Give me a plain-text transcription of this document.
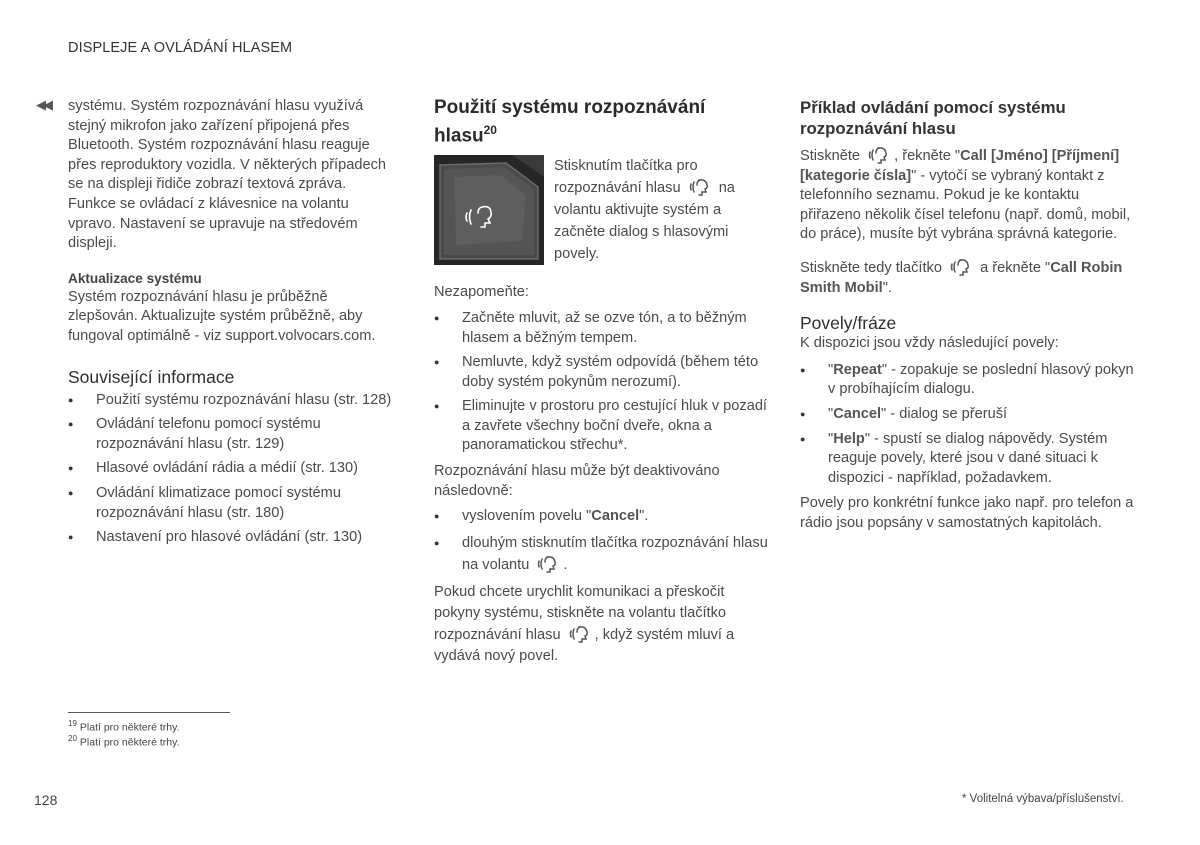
DISPLEJE A OVLÁDÁNÍ HLASEM
◀◀ systému. Systém rozpoznávání hlasu využívá stejný mikrofon jako zařízení připojená přes Bluetooth. Systém rozpoznávání hlasu reaguje přes reproduktory vozidla. V některých případech se na displeji řidiče zobrazí textová zpráva. Funkce se ovládací z klávesnice na volantu vpravo. Nastavení se upravuje na středovém displeji.

Aktualizace systému

Systém rozpoznávání hlasu je průběžně zlepšován. Aktualizujte systém průběžně, aby fungoval optimálně - viz support.volvocars.com.

Související informace
● Použití systému rozpoznávání hlasu (str. 128)
● Ovládání telefonu pomocí systému rozpoznávání hlasu (str. 129)
● Hlasové ovládání rádia a médií (str. 130)
● Ovládání klimatizace pomocí systému rozpoznávání hlasu (str. 180)
● Nastavení pro hlasové ovládání (str. 130)
Použití systému rozpoznávání hlasu$^{20}$

Stisknutím tlačítka pro rozpoznávání hlasu	na volantu aktivujte systém a začněte dialog s hlasovými povely.

Nezapomeňte:

● Začněte mluvit, až se ozve tón, a to běžným hlasem a běžným tempem.
● Nemluvte, když systém odpovídá (během této doby systém pokynům nerozumí).
● Eliminujte v prostoru pro cestující hluk v pozadí a zavřete všechny boční dveře, okna a panoramatickou střechu*.

Rozpoznávání hlasu může být deaktivováno následovně:

● vyslovením povelu "Cancel".
● dlouhým stisknutím tlačítka rozpoznávání hlasu na volantu .

Pokud chcete urychlit komunikaci a přeskočit pokyny systému, stiskněte na volantu tlačítko rozpoznávání hlasu , když systém mluví a vydává nový povel.

Příklad ovládání pomocí systému rozpoznávání hlasu

Stiskněte , řekněte "Call [Jméno] [Příjmení] [kategorie čísla]" - vytočí se vybraný kontakt z telefonního seznamu. Pokud je ke kontaktu přiřazeno několik čísel telefonu (např. domů, mobil, do práce), musíte být vybrána správná kategorie.

Stiskněte tedy tlačítko	a řekněte "Call Robin Smith Mobil".

Povely/fráze

K dispozici jsou vždy následující povely:

● "Repeat" - zopakuje se poslední hlasový pokyn v probíhajícím dialogu.
● "Cancel" - dialog se přeruší
● "Help" - spustí se dialog nápovědy. Systém reaguje povely, které jsou v dané situaci k dispozici - například, požadavkem.

Povely pro konkrétní funkce jako např. pro telefon a rádio jsou popsány v samostatných kapitolách.

$^{19}$ Platí pro některé trhy.
$^{20}$ Platí pro některé trhy.
128	* Volitelná výbava/příslušenství.
